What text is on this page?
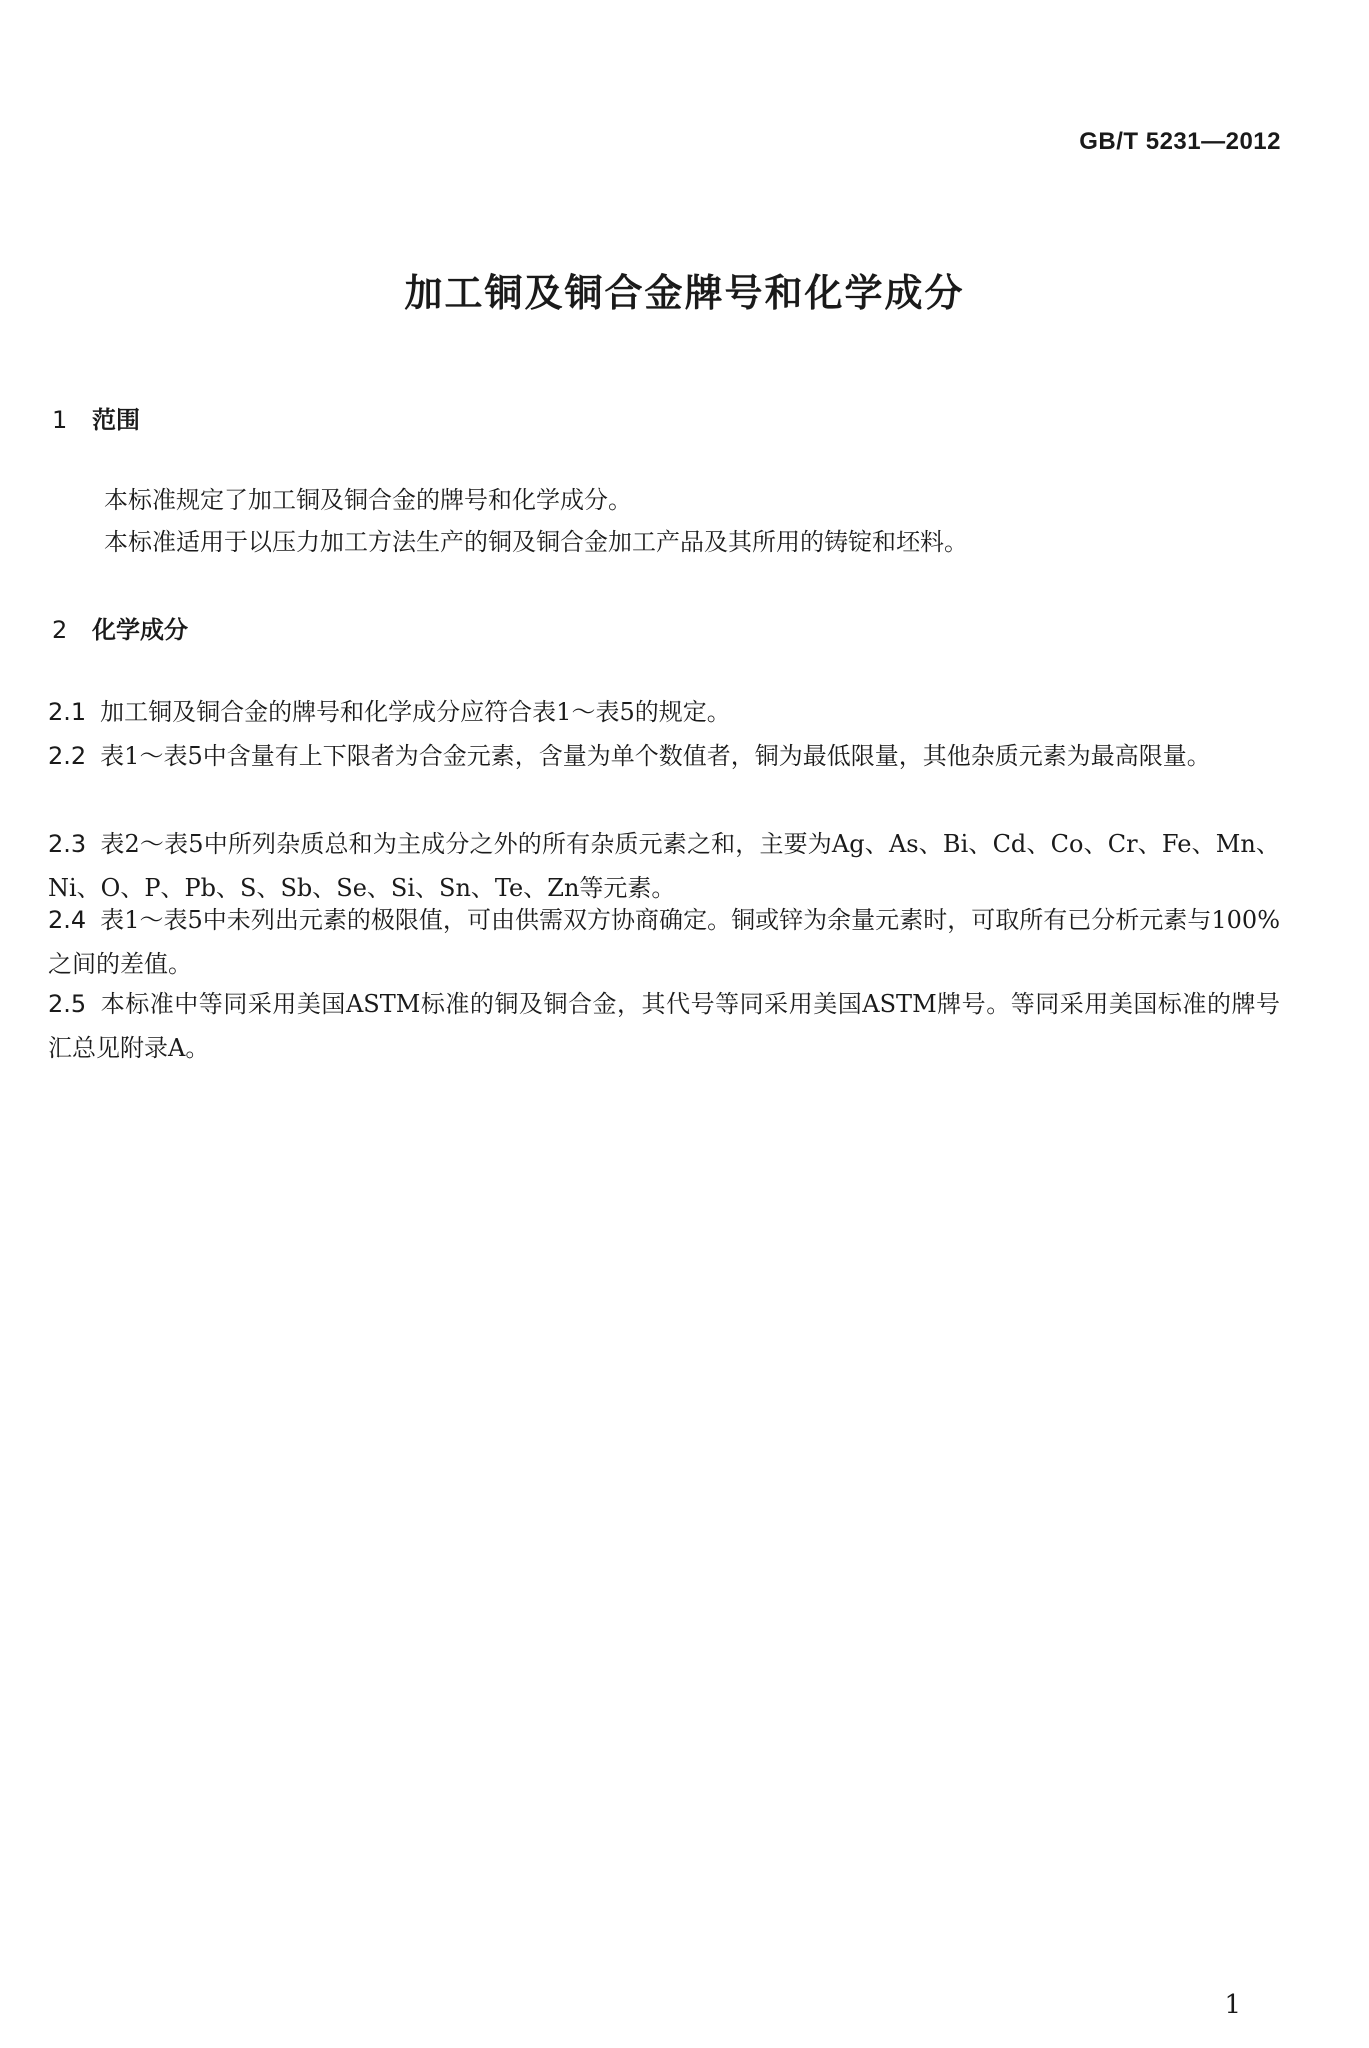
GB/T 5231—2012
加工铜及铜合金牌号和化学成分
1 范围
本标准规定了加工铜及铜合金的牌号和化学成分。
本标准适用于以压力加工方法生产的铜及铜合金加工产品及其所用的铸锭和坯料。
2 化学成分
2.1 加工铜及铜合金的牌号和化学成分应符合表1～表5的规定。
2.2 表1～表5中含量有上下限者为合金元素，含量为单个数值者，铜为最低限量，其他杂质元素为最高限量。
2.3 表2～表5中所列杂质总和为主成分之外的所有杂质元素之和，主要为Ag、As、Bi、Cd、Co、Cr、Fe、Mn、Ni、O、P、Pb、S、Sb、Se、Si、Sn、Te、Zn等元素。
2.4 表1～表5中未列出元素的极限值，可由供需双方协商确定。铜或锌为余量元素时，可取所有已分析元素与100%之间的差值。
2.5 本标准中等同采用美国ASTM标准的铜及铜合金，其代号等同采用美国ASTM牌号。等同采用美国标准的牌号汇总见附录A。
1
